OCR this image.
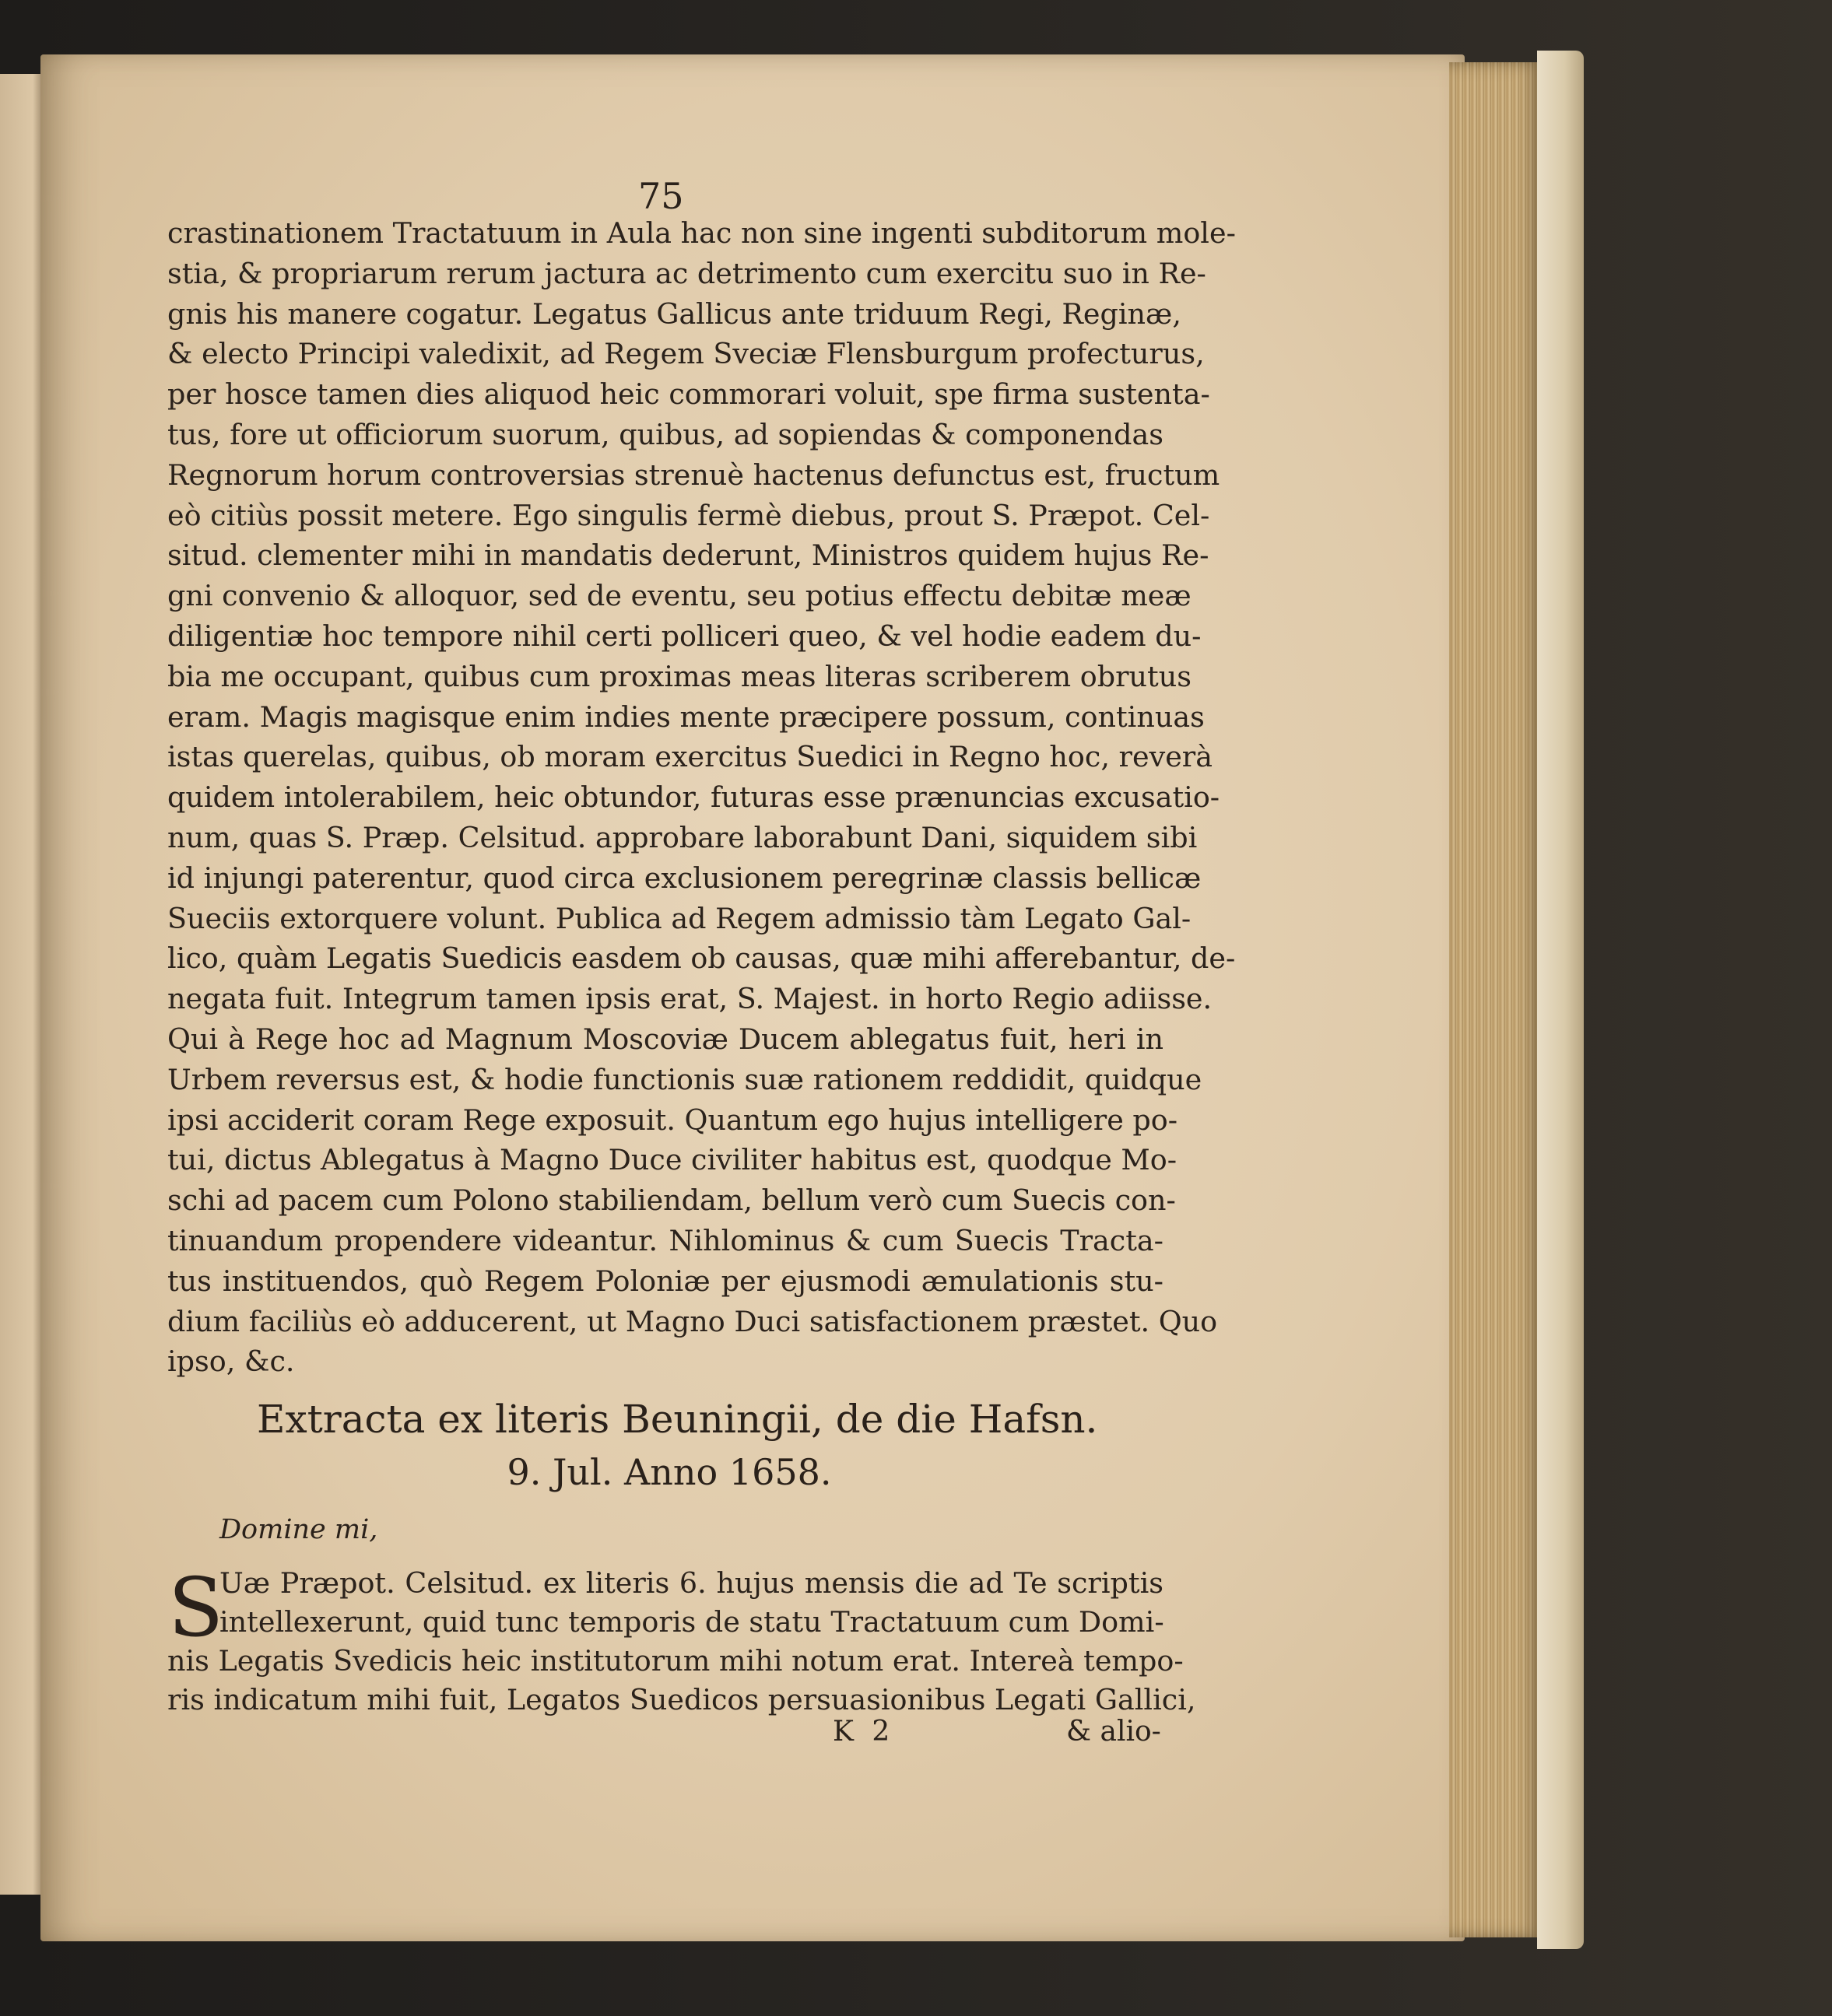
75
crastinationem Tractatuum in Aula hac non sine ingenti subditorum mole-
stia, & propriarum rerum jactura ac detrimento cum exercitu suo in Re-
gnis his manere cogatur. Legatus Gallicus ante triduum Regi, Reginæ,
& electo Principi valedixit, ad Regem Sveciæ Flensburgum profecturus,
per hosce tamen dies aliquod heic commorari voluit, spe firma sustenta-
tus, fore ut officiorum suorum, quibus, ad sopiendas & componendas
Regnorum horum controversias strenuè hactenus defunctus est, fructum
eò citiùs possit metere. Ego singulis fermè diebus, prout S. Præpot. Cel-
situd. clementer mihi in mandatis dederunt, Ministros quidem hujus Re-
gni convenio & alloquor, sed de eventu, seu potius effectu debitæ meæ
diligentiæ hoc tempore nihil certi polliceri queo, & vel hodie eadem du-
bia me occupant, quibus cum proximas meas literas scriberem obrutus
eram. Magis magisque enim indies mente præcipere possum, continuas
istas querelas, quibus, ob moram exercitus Suedici in Regno hoc, reverà
quidem intolerabilem, heic obtundor, futuras esse prænuncias excusatio-
num, quas S. Præp. Celsitud. approbare laborabunt Dani, siquidem sibi
id injungi paterentur, quod circa exclusionem peregrinæ classis bellicæ
Sueciis extorquere volunt. Publica ad Regem admissio tàm Legato Gal-
lico, quàm Legatis Suedicis easdem ob causas, quæ mihi afferebantur, de-
negata fuit. Integrum tamen ipsis erat, S. Majest. in horto Regio adiisse.
Qui à Rege hoc ad Magnum Moscoviæ Ducem ablegatus fuit, heri in
Urbem reversus est, & hodie functionis suæ rationem reddidit, quidque
ipsi acciderit coram Rege exposuit. Quantum ego hujus intelligere po-
tui, dictus Ablegatus à Magno Duce civiliter habitus est, quodque Mo-
schi ad pacem cum Polono stabiliendam, bellum verò cum Suecis con-
tinuandum propendere videantur. Nihlominus & cum Suecis Tracta-
tus instituendos, quò Regem Poloniæ per ejusmodi æmulationis stu-
dium faciliùs eò adducerent, ut Magno Duci satisfactionem præstet. Quo
ipso, &c.
Extracta ex literis Beuningii, de die Hafsn.
9. Jul. Anno 1658.
Domine mi,
S
Uæ Præpot. Celsitud. ex literis 6. hujus mensis die ad Te scriptis
intellexerunt, quid tunc temporis de statu Tractatuum cum Domi-
nis Legatis Svedicis heic institutorum mihi notum erat. Intereà tempo-
ris indicatum mihi fuit, Legatos Suedicos persuasionibus Legati Gallici,
K 2	& alio-
